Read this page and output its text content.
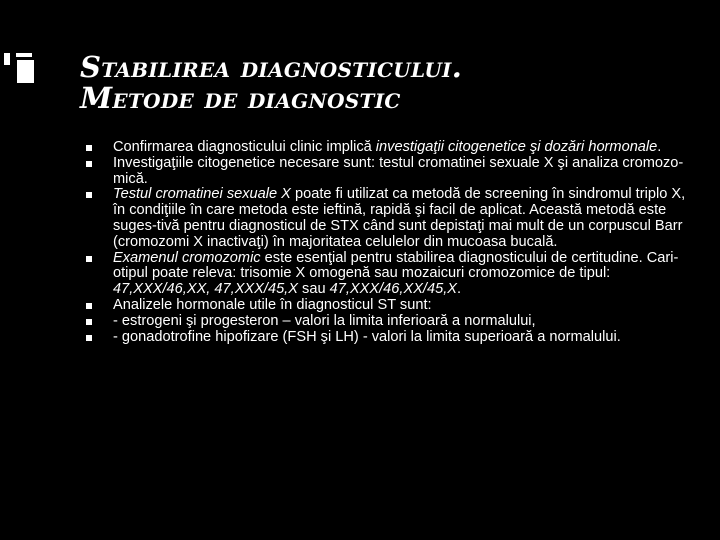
Stabilirea diagnosticului.
Metode de diagnostic
Confirmarea diagnosticului clinic implică investigaţii citogenetice şi dozări hormonale.
Investigaţiile citogenetice necesare sunt: testul cromatinei sexuale X şi analiza cromozo-mică.
Testul cromatinei sexuale X poate fi utilizat ca metodă de screening în sindromul triplo X, în condiţiile în care metoda este ieftină, rapidă şi facil de aplicat. Această metodă este suges-tivă pentru diagnosticul de STX când sunt depistaţi mai mult de un corpuscul Barr (cromozomi X inactivaţi) în majoritatea celulelor din mucoasa bucală.
Examenul cromozomic este esenţial pentru stabilirea diagnosticului de certitudine. Cari-otipul poate releva: trisomie X omogenă sau mozaicuri cromozomice de tipul: 47,XXX/46,XX, 47,XXX/45,X sau 47,XXX/46,XX/45,X.
Analizele hormonale utile în diagnosticul ST sunt:
- estrogeni şi progesteron – valori la limita inferioară a normalului,
- gonadotrofine hipofizare (FSH şi LH) - valori la limita superioară a normalului.
